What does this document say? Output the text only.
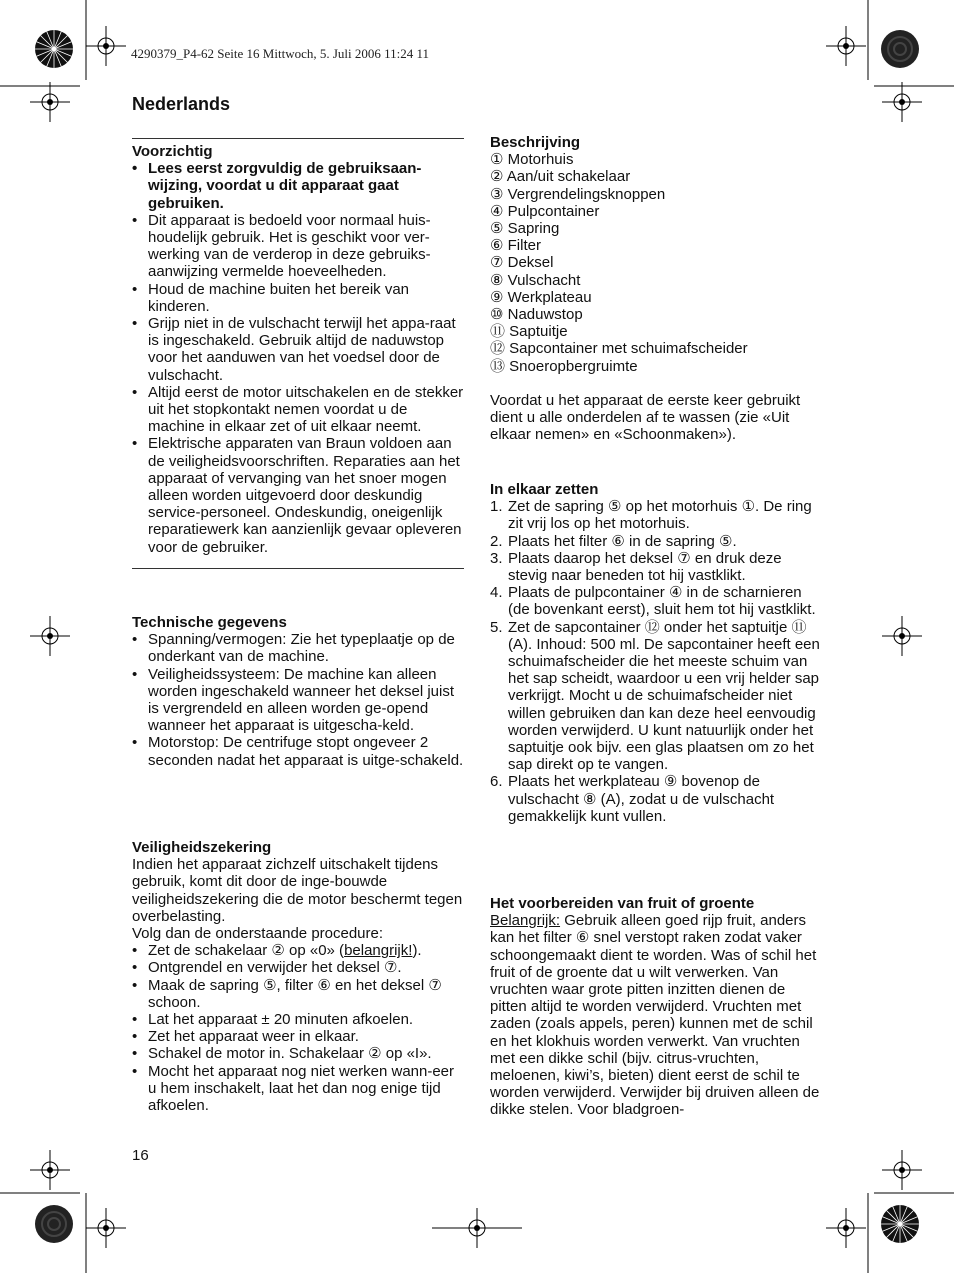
4290379_P4-62 Seite 16 Mittwoch, 5. Juli 2006 11:24 11
Nederlands
Voorzichtig
• Lees eerst zorgvuldig de gebruiksaan-wijzing, voordat u dit apparaat gaat gebruiken.
• Dit apparaat is bedoeld voor normaal huis-houdelijk gebruik. Het is geschikt voor ver-werking van de verderop in deze gebruiks-aanwijzing vermelde hoeveelheden.
• Houd de machine buiten het bereik van kinderen.
• Grijp niet in de vulschacht terwijl het appa-raat is ingeschakeld. Gebruik altijd de naduwstop voor het aanduwen van het voedsel door de vulschacht.
• Altijd eerst de motor uitschakelen en de stekker uit het stopkontakt nemen voordat u de machine in elkaar zet of uit elkaar neemt.
• Elektrische apparaten van Braun voldoen aan de veiligheidsvoorschriften. Reparaties aan het apparaat of vervanging van het snoer mogen alleen worden uitgevoerd door deskundig service-personeel. Ondeskundig, oneigenlijk reparatiewerk kan aanzienlijk gevaar opleveren voor de gebruiker.
Technische gegevens
• Spanning/vermogen: Zie het typeplaatje op de onderkant van de machine.
• Veiligheidssysteem: De machine kan alleen worden ingeschakeld wanneer het deksel juist is vergrendeld en alleen worden ge-opend wanneer het apparaat is uitgescha-keld.
• Motorstop: De centrifuge stopt ongeveer 2 seconden nadat het apparaat is uitge-schakeld.
Veiligheidszekering
Indien het apparaat zichzelf uitschakelt tijdens gebruik, komt dit door de inge-bouwde veiligheidszekering die de motor beschermt tegen overbelasting.
Volg dan de onderstaande procedure:
• Zet de schakelaar ② op «0» (belangrijk!).
• Ontgrendel en verwijder het deksel ⑦.
• Maak de sapring ⑤, filter ⑥ en het deksel ⑦ schoon.
• Lat het apparaat ± 20 minuten afkoelen.
• Zet het apparaat weer in elkaar.
• Schakel de motor in. Schakelaar ② op «I».
• Mocht het apparaat nog niet werken wann-eer u hem inschakelt, laat het dan nog enige tijd afkoelen.
Beschrijving
① Motorhuis
② Aan/uit schakelaar
③ Vergrendelingsknoppen
④ Pulpcontainer
⑤ Sapring
⑥ Filter
⑦ Deksel
⑧ Vulschacht
⑨ Werkplateau
⑩ Naduwstop
⑪ Saptuitje
⑫ Sapcontainer met schuimafscheider
⑬ Snoeropbergruimte
Voordat u het apparaat de eerste keer gebruikt dient u alle onderdelen af te wassen (zie «Uit elkaar nemen» en «Schoonmaken»).
In elkaar zetten
1. Zet de sapring ⑤ op het motorhuis ①. De ring zit vrij los op het motorhuis.
2. Plaats het filter ⑥ in de sapring ⑤.
3. Plaats daarop het deksel ⑦ en druk deze stevig naar beneden tot hij vastklikt.
4. Plaats de pulpcontainer ④ in de scharnieren (de bovenkant eerst), sluit hem tot hij vastklikt.
5. Zet de sapcontainer ⑫ onder het saptuitje ⑪ (A). Inhoud: 500 ml. De sapcontainer heeft een schuimafscheider die het meeste schuim van het sap scheidt, waardoor u een vrij helder sap verkrijgt. Mocht u de schuimafscheider niet willen gebruiken dan kan deze heel eenvoudig worden verwijderd. U kunt natuurlijk onder het saptuitje ook bijv. een glas plaatsen om zo het sap direkt op te vangen.
6. Plaats het werkplateau ⑨ bovenop de vulschacht ⑧ (A), zodat u de vulschacht gemakkelijk kunt vullen.
Het voorbereiden van fruit of groente
Belangrijk: Gebruik alleen goed rijp fruit, anders kan het filter ⑥ snel verstopt raken zodat vaker schoongemaakt dient te worden. Was of schil het fruit of de groente dat u wilt verwerken. Van vruchten waar grote pitten inzitten dienen de pitten altijd te worden verwijderd. Vruchten met zaden (zoals appels, peren) kunnen met de schil en het klokhuis worden verwerkt. Van vruchten met een dikke schil (bijv. citrus-vruchten, meloenen, kiwi’s, bieten) dient eerst de schil te worden verwijderd. Verwijder bij druiven alleen de dikke stelen. Voor bladgroen-
16
